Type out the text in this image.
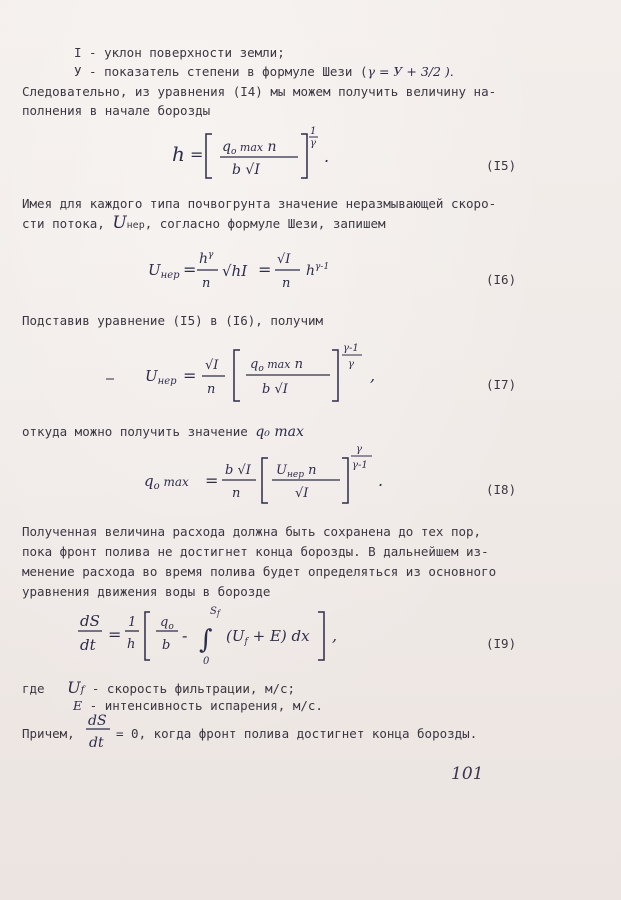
I - уклон поверхности земли;
У - показатель степени в формуле Шези (γ = У + 3/2 ).
Следовательно, из уравнения (I4) мы можем получить величину на-
полнения в начале борозды
Имея для каждого типа почвогрунта значение неразмывающей скоро-
сти потока, Uнер, согласно формуле Шези, запишем
Подставив уравнение (I5) в (I6), получим
откуда можно получить значение q₀ max
Полученная величина расхода должна быть сохранена до тех пор,
пока фронт полива не достигнет конца борозды. В дальнейшем из-
менение расхода во время полива будет определяться из основного
уравнения движения воды в борозде
где Uf - скорость фильтрации, м/с;
E - интенсивность испарения, м/с.
Причем,	= 0, когда фронт полива достигнет конца борозды.
(I5)
(I6)
(I7)
(I8)
(I9)
$h = q_o$ $^{max}$ n
b √I
1
γ
.
$U_{нер}$ =
$h^\gamma$
n
√hI =
√I
n
$h^{\gamma-1}$
$U_{нер}$ =
√I
n
$q_o$ $^{max}$ n
b √I
γ-1
γ
,
$q_o$ $^{max}$ =
b √I
n
$U_{нер}$ n
√I
γ
γ-1
.
dS
dt
=
1
h
$q_o$
b
-
$S_f$
∫
0
$(U_f + E)$ dx ,
dS
dt
101
